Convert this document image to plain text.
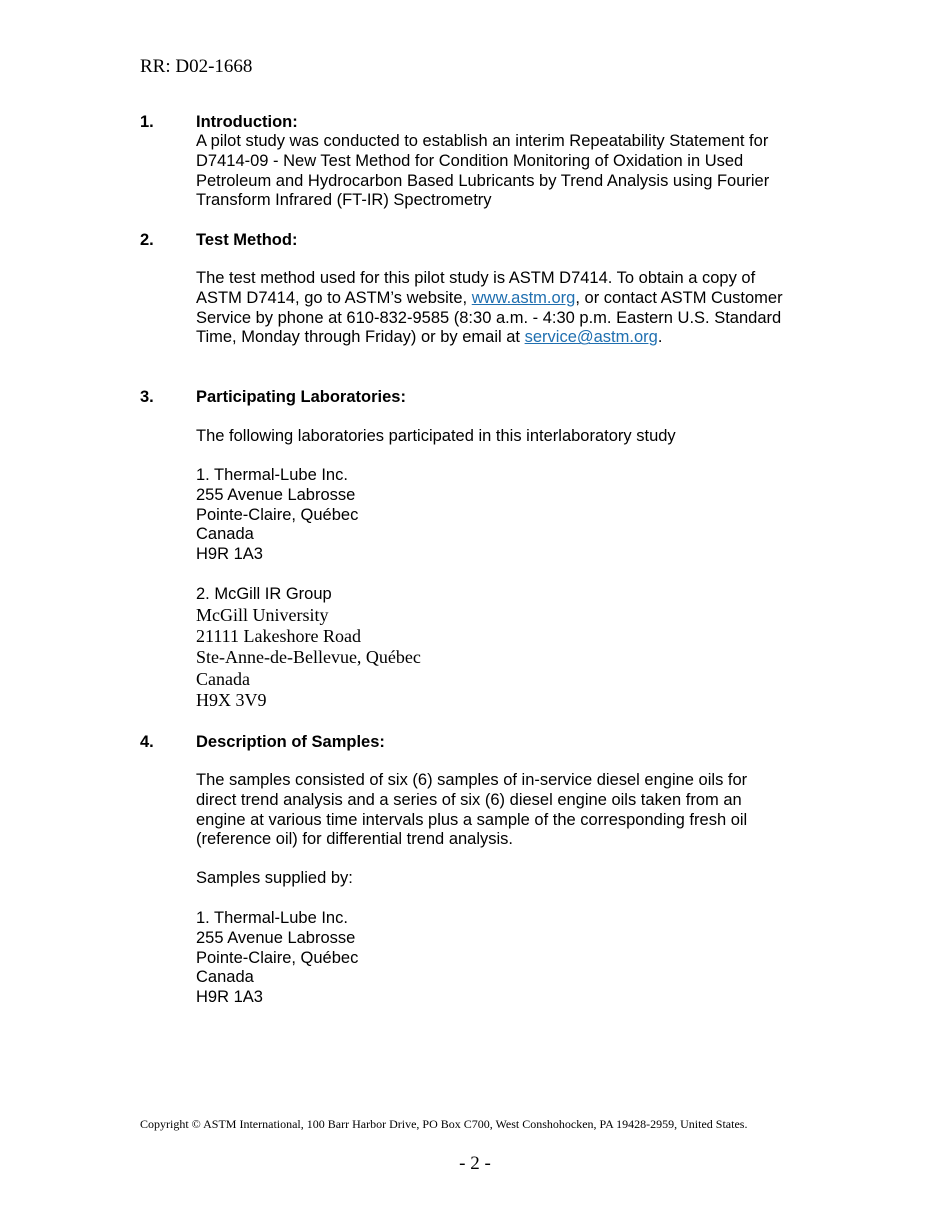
RR: D02-1668
1.	Introduction:
A pilot study was conducted to establish an interim Repeatability Statement for
D7414-09 - New Test Method for Condition Monitoring of Oxidation in Used
Petroleum and Hydrocarbon Based Lubricants by Trend Analysis using Fourier
Transform Infrared (FT-IR) Spectrometry
2.	Test Method:
The test method used for this pilot study is ASTM D7414. To obtain a copy of
ASTM D7414, go to ASTM’s website, www.astm.org, or contact ASTM Customer
Service by phone at 610-832-9585 (8:30 a.m. - 4:30 p.m. Eastern U.S. Standard
Time, Monday through Friday) or by email at service@astm.org.
3.	Participating Laboratories:
The following laboratories participated in this interlaboratory study
1. Thermal-Lube Inc.
255 Avenue Labrosse
Pointe-Claire, Québec
Canada
H9R 1A3
2. McGill IR Group
McGill University
21111 Lakeshore Road
Ste-Anne-de-Bellevue, Québec
Canada
H9X 3V9
4.	Description of Samples:
The samples consisted of six (6) samples of in-service diesel engine oils for
direct trend analysis and a series of six (6) diesel engine oils taken from an
engine at various time intervals plus a sample of the corresponding fresh oil
(reference oil) for differential trend analysis.
Samples supplied by:
1. Thermal-Lube Inc.
255 Avenue Labrosse
Pointe-Claire, Québec
Canada
H9R 1A3
Copyright © ASTM International, 100 Barr Harbor Drive, PO Box C700, West Conshohocken, PA 19428-2959, United States.
- 2 -
